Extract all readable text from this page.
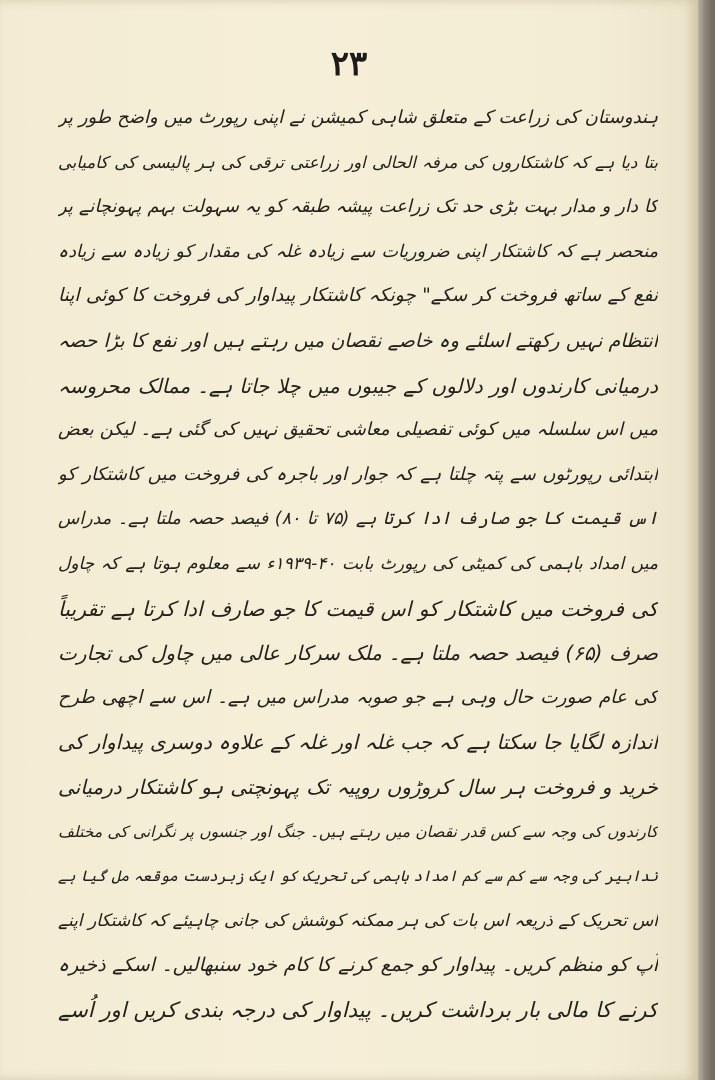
۲۳
ہندوستان کی زراعت کے متعلق شاہی کمیشن نے اپنی رپورٹ میں واضح طور پر
بتا دیا ہے کہ کاشتکاروں کی مرفہ الحالی اور زراعتی ترقی کی ہر پالیسی کی کامیابی
کا دار و مدار بہت بڑی حد تک زراعت پیشہ طبقہ کو یہ سہولت بہم پہونچانے پر
منحصر ہے کہ کاشتکار اپنی ضروریات سے زیادہ غلہ کی مقدار کو زیادہ سے زیادہ
نفع کے ساتھ فروخت کر سکے" چونکہ کاشتکار پیداوار کی فروخت کا کوئی اپنا
انتظام نہیں رکھتے اسلئے وہ خاصے نقصان میں رہتے ہیں اور نفع کا بڑا حصہ
درمیانی کارندوں اور دلالوں کے جیبوں میں چلا جاتا ہے۔ ممالک محروسہ
میں اس سلسلہ میں کوئی تفصیلی معاشی تحقیق نہیں کی گئی ہے۔ لیکن بعض
ابتدائی رپورٹوں سے پتہ چلتا ہے کہ جوار اور باجرہ کی فروخت میں کاشتکار کو
اس قیمت کا جو صارف ادا کرتا ہے (۷۵ تا ۸۰) فیصد حصہ ملتا ہے۔ مدراس
میں امداد باہمی کی کمیٹی کی رپورٹ بابت ۴۰-۱۹۳۹ء سے معلوم ہوتا ہے کہ چاول
کی فروخت میں کاشتکار کو اس قیمت کا جو صارف ادا کرتا ہے تقریباً
صرف (۶۵) فیصد حصہ ملتا ہے۔ ملک سرکار عالی میں چاول کی تجارت
کی عام صورت حال وہی ہے جو صوبہ مدراس میں ہے۔ اس سے اچھی طرح
اندازہ لگایا جا سکتا ہے کہ جب غلہ اور غلہ کے علاوہ دوسری پیداوار کی
خرید و فروخت ہر سال کروڑوں روپیہ تک پہونچتی ہو کاشتکار درمیانی
کارندوں کی وجہ سے کس قدر نقصان میں رہتے ہیں۔ جنگ اور جنسوں پر نگرانی کی مختلف
تدابیر کی وجہ سے کم سے کم امداد باہمی کی تحریک کو ایک زبردست موقعہ مل گیا ہے
اس تحریک کے ذریعہ اس بات کی ہر ممکنہ کوشش کی جانی چاہیئے کہ کاشتکار اپنے
آپ کو منظم کریں۔ پیداوار کو جمع کرنے کا کام خود سنبھالیں۔ اسکے ذخیرہ
کرنے کا مالی بار برداشت کریں۔ پیداوار کی درجہ بندی کریں اور اُسے
